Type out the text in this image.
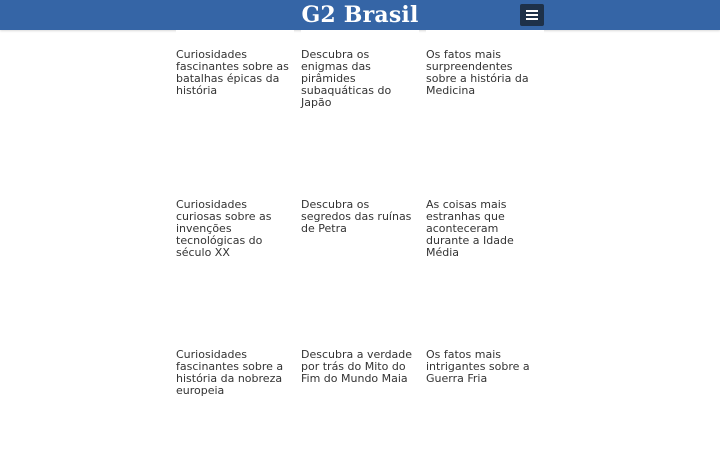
G2 Brasil
Curiosidades fascinantes sobre as batalhas épicas da história
Descubra os enigmas das pirâmides subaquáticas do Japão
Os fatos mais surpreendentes sobre a história da Medicina
Curiosidades curiosas sobre as invenções tecnológicas do século XX
Descubra os segredos das ruínas de Petra
As coisas mais estranhas que aconteceram durante a Idade Média
Curiosidades fascinantes sobre a história da nobreza europeia
Descubra a verdade por trás do Mito do Fim do Mundo Maia
Os fatos mais intrigantes sobre a Guerra Fria
